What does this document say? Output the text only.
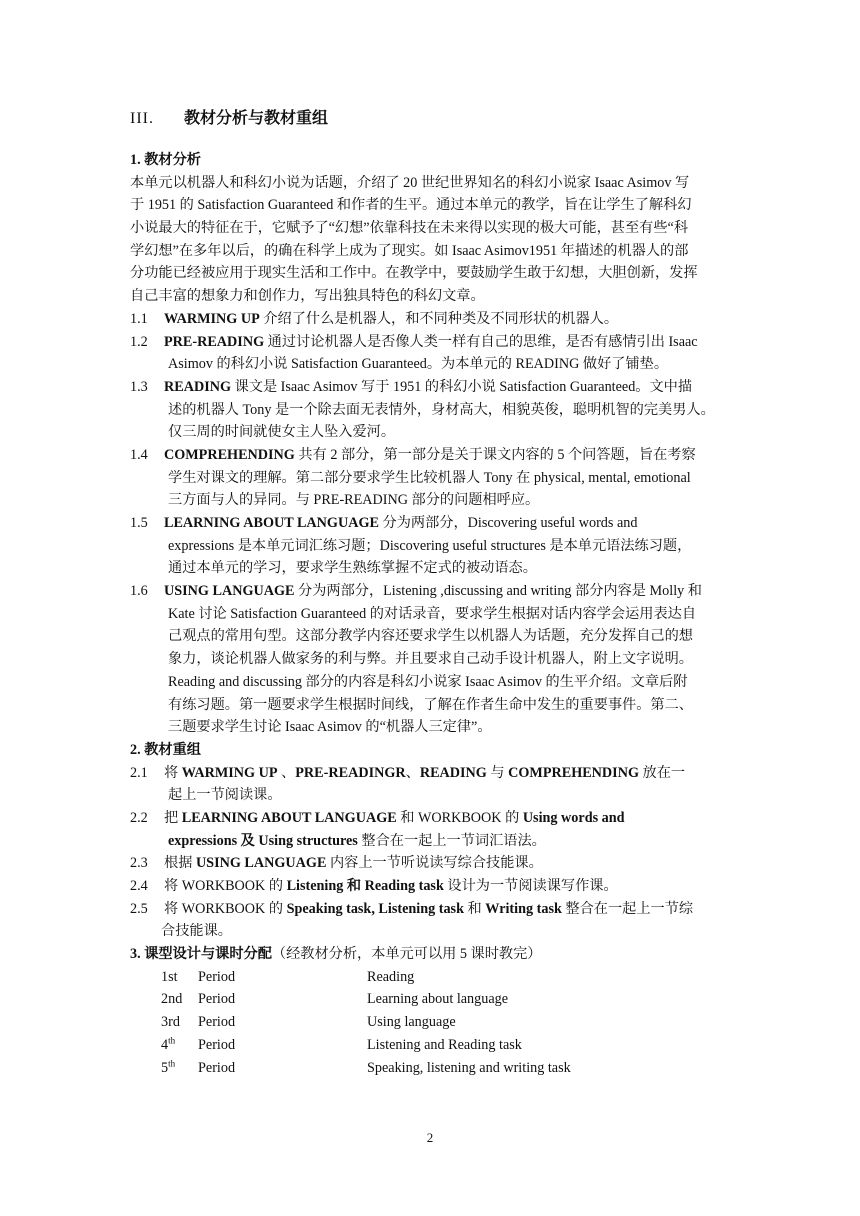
III. 教材分析与教材重组
1. 教材分析
本单元以机器人和科幻小说为话题，介绍了 20 世纪世界知名的科幻小说家 Isaac Asimov 写
于 1951 的 Satisfaction Guaranteed 和作者的生平。通过本单元的教学，旨在让学生了解科幻
小说最大的特征在于，它赋予了“幻想”依靠科技在未来得以实现的极大可能，甚至有些“科
学幻想”在多年以后，的确在科学上成为了现实。如 Isaac Asimov1951 年描述的机器人的部
分功能已经被应用于现实生活和工作中。在教学中，要鼓励学生敢于幻想，大胆创新，发挥
自己丰富的想象力和创作力，写出独具特色的科幻文章。
1.1 WARMING UP 介绍了什么是机器人，和不同种类及不同形状的机器人。
1.2 PRE-READING 通过讨论机器人是否像人类一样有自己的思维，是否有感情引出 Isaac
Asimov 的科幻小说 Satisfaction Guaranteed。为本单元的 READING 做好了铺垫。
1.3 READING 课文是 Isaac Asimov 写于 1951 的科幻小说 Satisfaction Guaranteed。文中描
述的机器人 Tony 是一个除去面无表情外，身材高大，相貌英俊，聪明机智的完美男人。
仅三周的时间就使女主人坠入爱河。
1.4 COMPREHENDING 共有 2 部分，第一部分是关于课文内容的 5 个问答题，旨在考察
学生对课文的理解。第二部分要求学生比较机器人 Tony 在 physical, mental, emotional
三方面与人的异同。与 PRE-READING 部分的问题相呼应。
1.5 LEARNING ABOUT LANGUAGE 分为两部分，Discovering useful words and
expressions 是本单元词汇练习题；Discovering useful structures 是本单元语法练习题，
通过本单元的学习，要求学生熟练掌握不定式的被动语态。
1.6 USING LANGUAGE 分为两部分，Listening ,discussing and writing 部分内容是 Molly 和
Kate 讨论 Satisfaction Guaranteed 的对话录音，要求学生根据对话内容学会运用表达自
己观点的常用句型。这部分教学内容还要求学生以机器人为话题，充分发挥自己的想
象力，谈论机器人做家务的利与弊。并且要求自己动手设计机器人，附上文字说明。
Reading and discussing 部分的内容是科幻小说家 Isaac Asimov 的生平介绍。文章后附
有练习题。第一题要求学生根据时间线，了解在作者生命中发生的重要事件。第二、
三题要求学生讨论 Isaac Asimov 的“机器人三定律”。
2. 教材重组
2.1 将 WARMING UP 、PRE-READINGR、READING 与 COMPREHENDING 放在一
起上一节阅读课。
2.2 把 LEARNING ABOUT LANGUAGE 和 WORKBOOK 的 Using words and
expressions 及 Using structures 整合在一起上一节词汇语法。
2.3 根据 USING LANGUAGE 内容上一节听说读写综合技能课。
2.4 将 WORKBOOK 的 Listening 和 Reading task 设计为一节阅读课写作课。
2.5 将 WORKBOOK 的 Speaking task, Listening task 和 Writing task 整合在一起上一节综
合技能课。
3. 课型设计与课时分配（经教材分析，本单元可以用 5 课时教完）
1st Period	Reading
2nd Period	Learning about language
3rd Period	Using language
4th Period	Listening and Reading task
5th Period	Speaking, listening and writing task
2
